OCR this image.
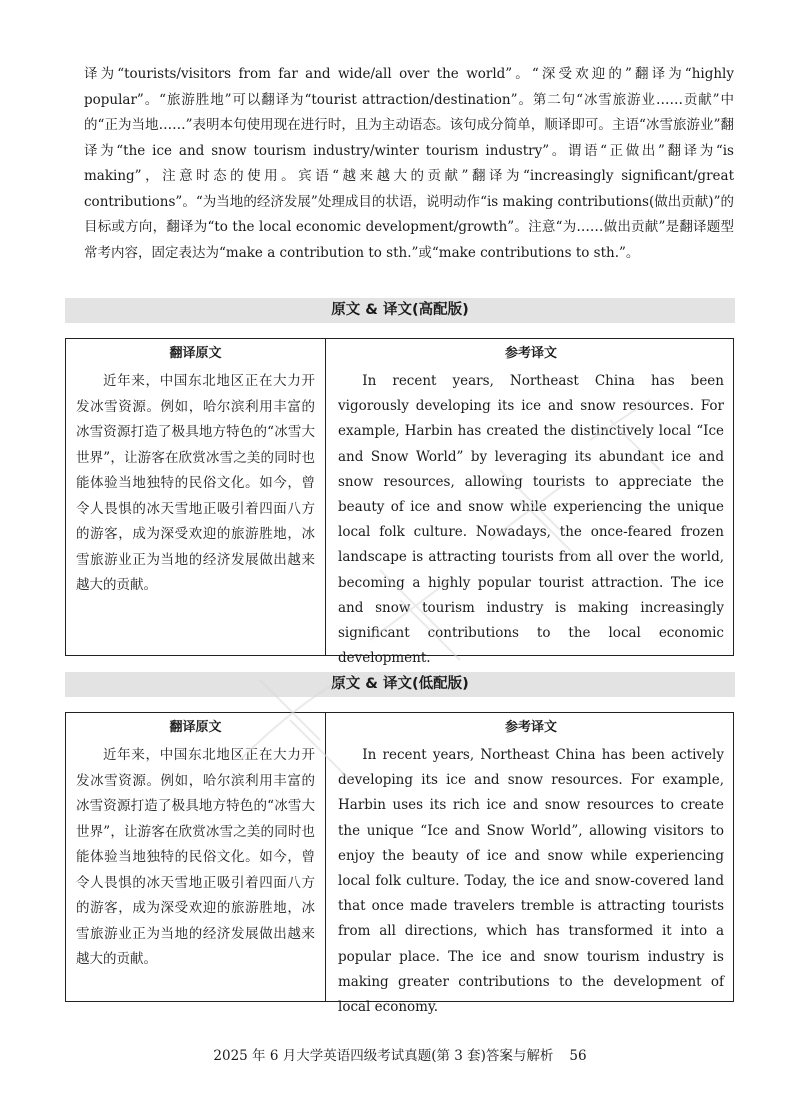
译为“tourists/visitors from far and wide/all over the world”。“深受欢迎的”翻译为“highly popular”。“旅游胜地”可以翻译为“tourist attraction/destination”。第二句“冰雪旅游业……贡献”中的“正为当地……”表明本句使用现在进行时，且为主动语态。该句成分简单，顺译即可。主语“冰雪旅游业”翻译为“the ice and snow tourism industry/winter tourism industry”。谓语“正做出”翻译为“is making”，注意时态的使用。宾语“越来越大的贡献”翻译为“increasingly significant/great contributions”。“为当地的经济发展”处理成目的状语，说明动作“is making contributions(做出贡献)”的目标或方向，翻译为“to the local economic development/growth”。注意“为……做出贡献”是翻译题型常考内容，固定表达为“make a contribution to sth.”或“make contributions to sth.”。

原文 & 译文(高配版)
翻译原文

近年来，中国东北地区正在大力开发冰雪资源。例如，哈尔滨利用丰富的冰雪资源打造了极具地方特色的“冰雪大世界”，让游客在欣赏冰雪之美的同时也能体验当地独特的民俗文化。如今，曾令人畏惧的冰天雪地正吸引着四面八方的游客，成为深受欢迎的旅游胜地，冰雪旅游业正为当地的经济发展做出越来越大的贡献。

参考译文

In recent years, Northeast China has been vigorously developing its ice and snow resources. For example, Harbin has created the distinctively local “Ice and Snow World” by leveraging its abundant ice and snow resources, allowing tourists to appreciate the beauty of ice and snow while experiencing the unique local folk culture. Nowadays, the once-feared frozen landscape is attracting tourists from all over the world, becoming a highly popular tourist attraction. The ice and snow tourism industry is making increasingly significant contributions to the local economic development.

原文 & 译文(低配版)
翻译原文

近年来，中国东北地区正在大力开发冰雪资源。例如，哈尔滨利用丰富的冰雪资源打造了极具地方特色的“冰雪大世界”，让游客在欣赏冰雪之美的同时也能体验当地独特的民俗文化。如今，曾令人畏惧的冰天雪地正吸引着四面八方的游客，成为深受欢迎的旅游胜地，冰雪旅游业正为当地的经济发展做出越来越大的贡献。

参考译文

In recent years, Northeast China has been actively developing its ice and snow resources. For example, Harbin uses its rich ice and snow resources to create the unique “Ice and Snow World”, allowing visitors to enjoy the beauty of ice and snow while experiencing local folk culture. Today, the ice and snow-covered land that once made travelers tremble is attracting tourists from all directions, which has transformed it into a popular place. The ice and snow tourism industry is making greater contributions to the development of local economy.

2025 年 6 月大学英语四级考试真题(第 3 套)答案与解析 56
